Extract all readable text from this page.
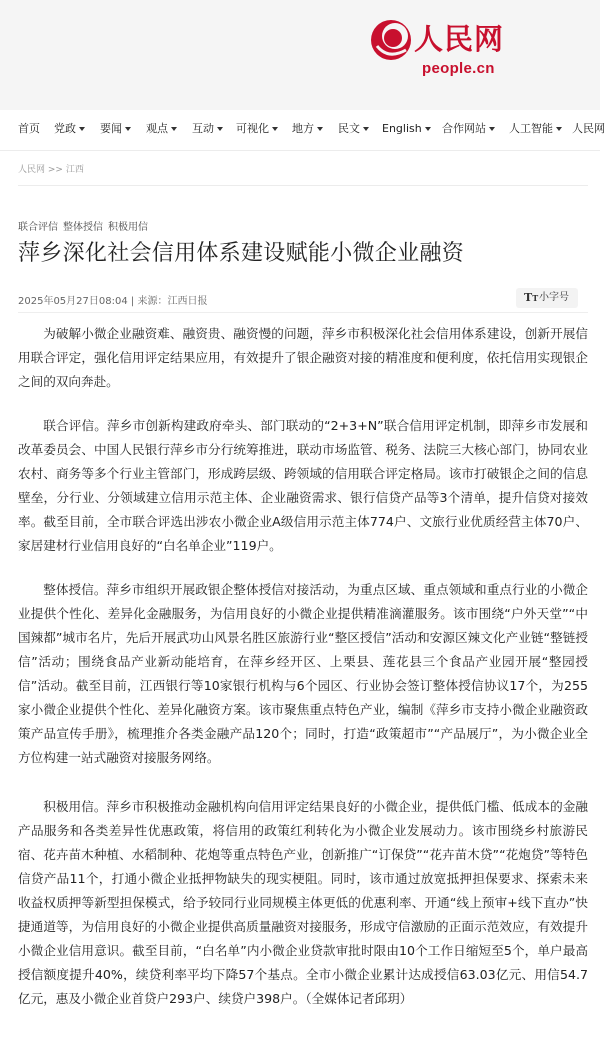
人民网
people.cn
首页 党政	要闻	观点	互动	可视化	地方	民文	English	合作网站	人工智能	人民网
人民网 >> 江西
联合评信 整体授信 积极用信
萍乡深化社会信用体系建设赋能小微企业融资
2025年05月27日08:04 | 来源：江西日报	TT 小字号
为破解小微企业融资难、融资贵、融资慢的问题，萍乡市积极深化社会信用体系建设，创新开展信用联合评定，强化信用评定结果应用，有效提升了银企融资对接的精准度和便利度，依托信用实现银企之间的双向奔赴。
联合评信。萍乡市创新构建政府牵头、部门联动的“2+3+N”联合信用评定机制，即萍乡市发展和改革委员会、中国人民银行萍乡市分行统筹推进，联动市场监管、税务、法院三大核心部门，协同农业农村、商务等多个行业主管部门，形成跨层级、跨领域的信用联合评定格局。该市打破银企之间的信息壁垒，分行业、分领域建立信用示范主体、企业融资需求、银行信贷产品等3个清单，提升信贷对接效率。截至目前，全市联合评选出涉农小微企业A级信用示范主体774户、文旅行业优质经营主体70户、家居建材行业信用良好的“白名单企业”119户。
整体授信。萍乡市组织开展政银企整体授信对接活动，为重点区域、重点领域和重点行业的小微企业提供个性化、差异化金融服务，为信用良好的小微企业提供精准滴灌服务。该市围绕“户外天堂”“中国辣都”城市名片，先后开展武功山风景名胜区旅游行业“整区授信”活动和安源区辣文化产业链“整链授信”活动；围绕食品产业新动能培育，在萍乡经开区、上栗县、莲花县三个食品产业园开展“整园授信”活动。截至目前，江西银行等10家银行机构与6个园区、行业协会签订整体授信协议17个，为255家小微企业提供个性化、差异化融资方案。该市聚焦重点特色产业，编制《萍乡市支持小微企业融资政策产品宣传手册》，梳理推介各类金融产品120个；同时，打造“政策超市”“产品展厅”，为小微企业全方位构建一站式融资对接服务网络。
积极用信。萍乡市积极推动金融机构向信用评定结果良好的小微企业，提供低门槛、低成本的金融产品服务和各类差异性优惠政策，将信用的政策红利转化为小微企业发展动力。该市围绕乡村旅游民宿、花卉苗木种植、水稻制种、花炮等重点特色产业，创新推广“订保贷”“花卉苗木贷”“花炮贷”等特色信贷产品11个，打通小微企业抵押物缺失的现实梗阻。同时，该市通过放宽抵押担保要求、探索未来收益权质押等新型担保模式，给予较同行业同规模主体更低的优惠利率、开通“线上预审+线下直办”快捷通道等，为信用良好的小微企业提供高质量融资对接服务，形成守信激励的正面示范效应，有效提升小微企业信用意识。截至目前，“白名单”内小微企业贷款审批时限由10个工作日缩短至5个，单户最高授信额度提升40%，续贷利率平均下降57个基点。全市小微企业累计达成授信63.03亿元、用信54.7亿元，惠及小微企业首贷户293户、续贷户398户。（全媒体记者邱玥）
